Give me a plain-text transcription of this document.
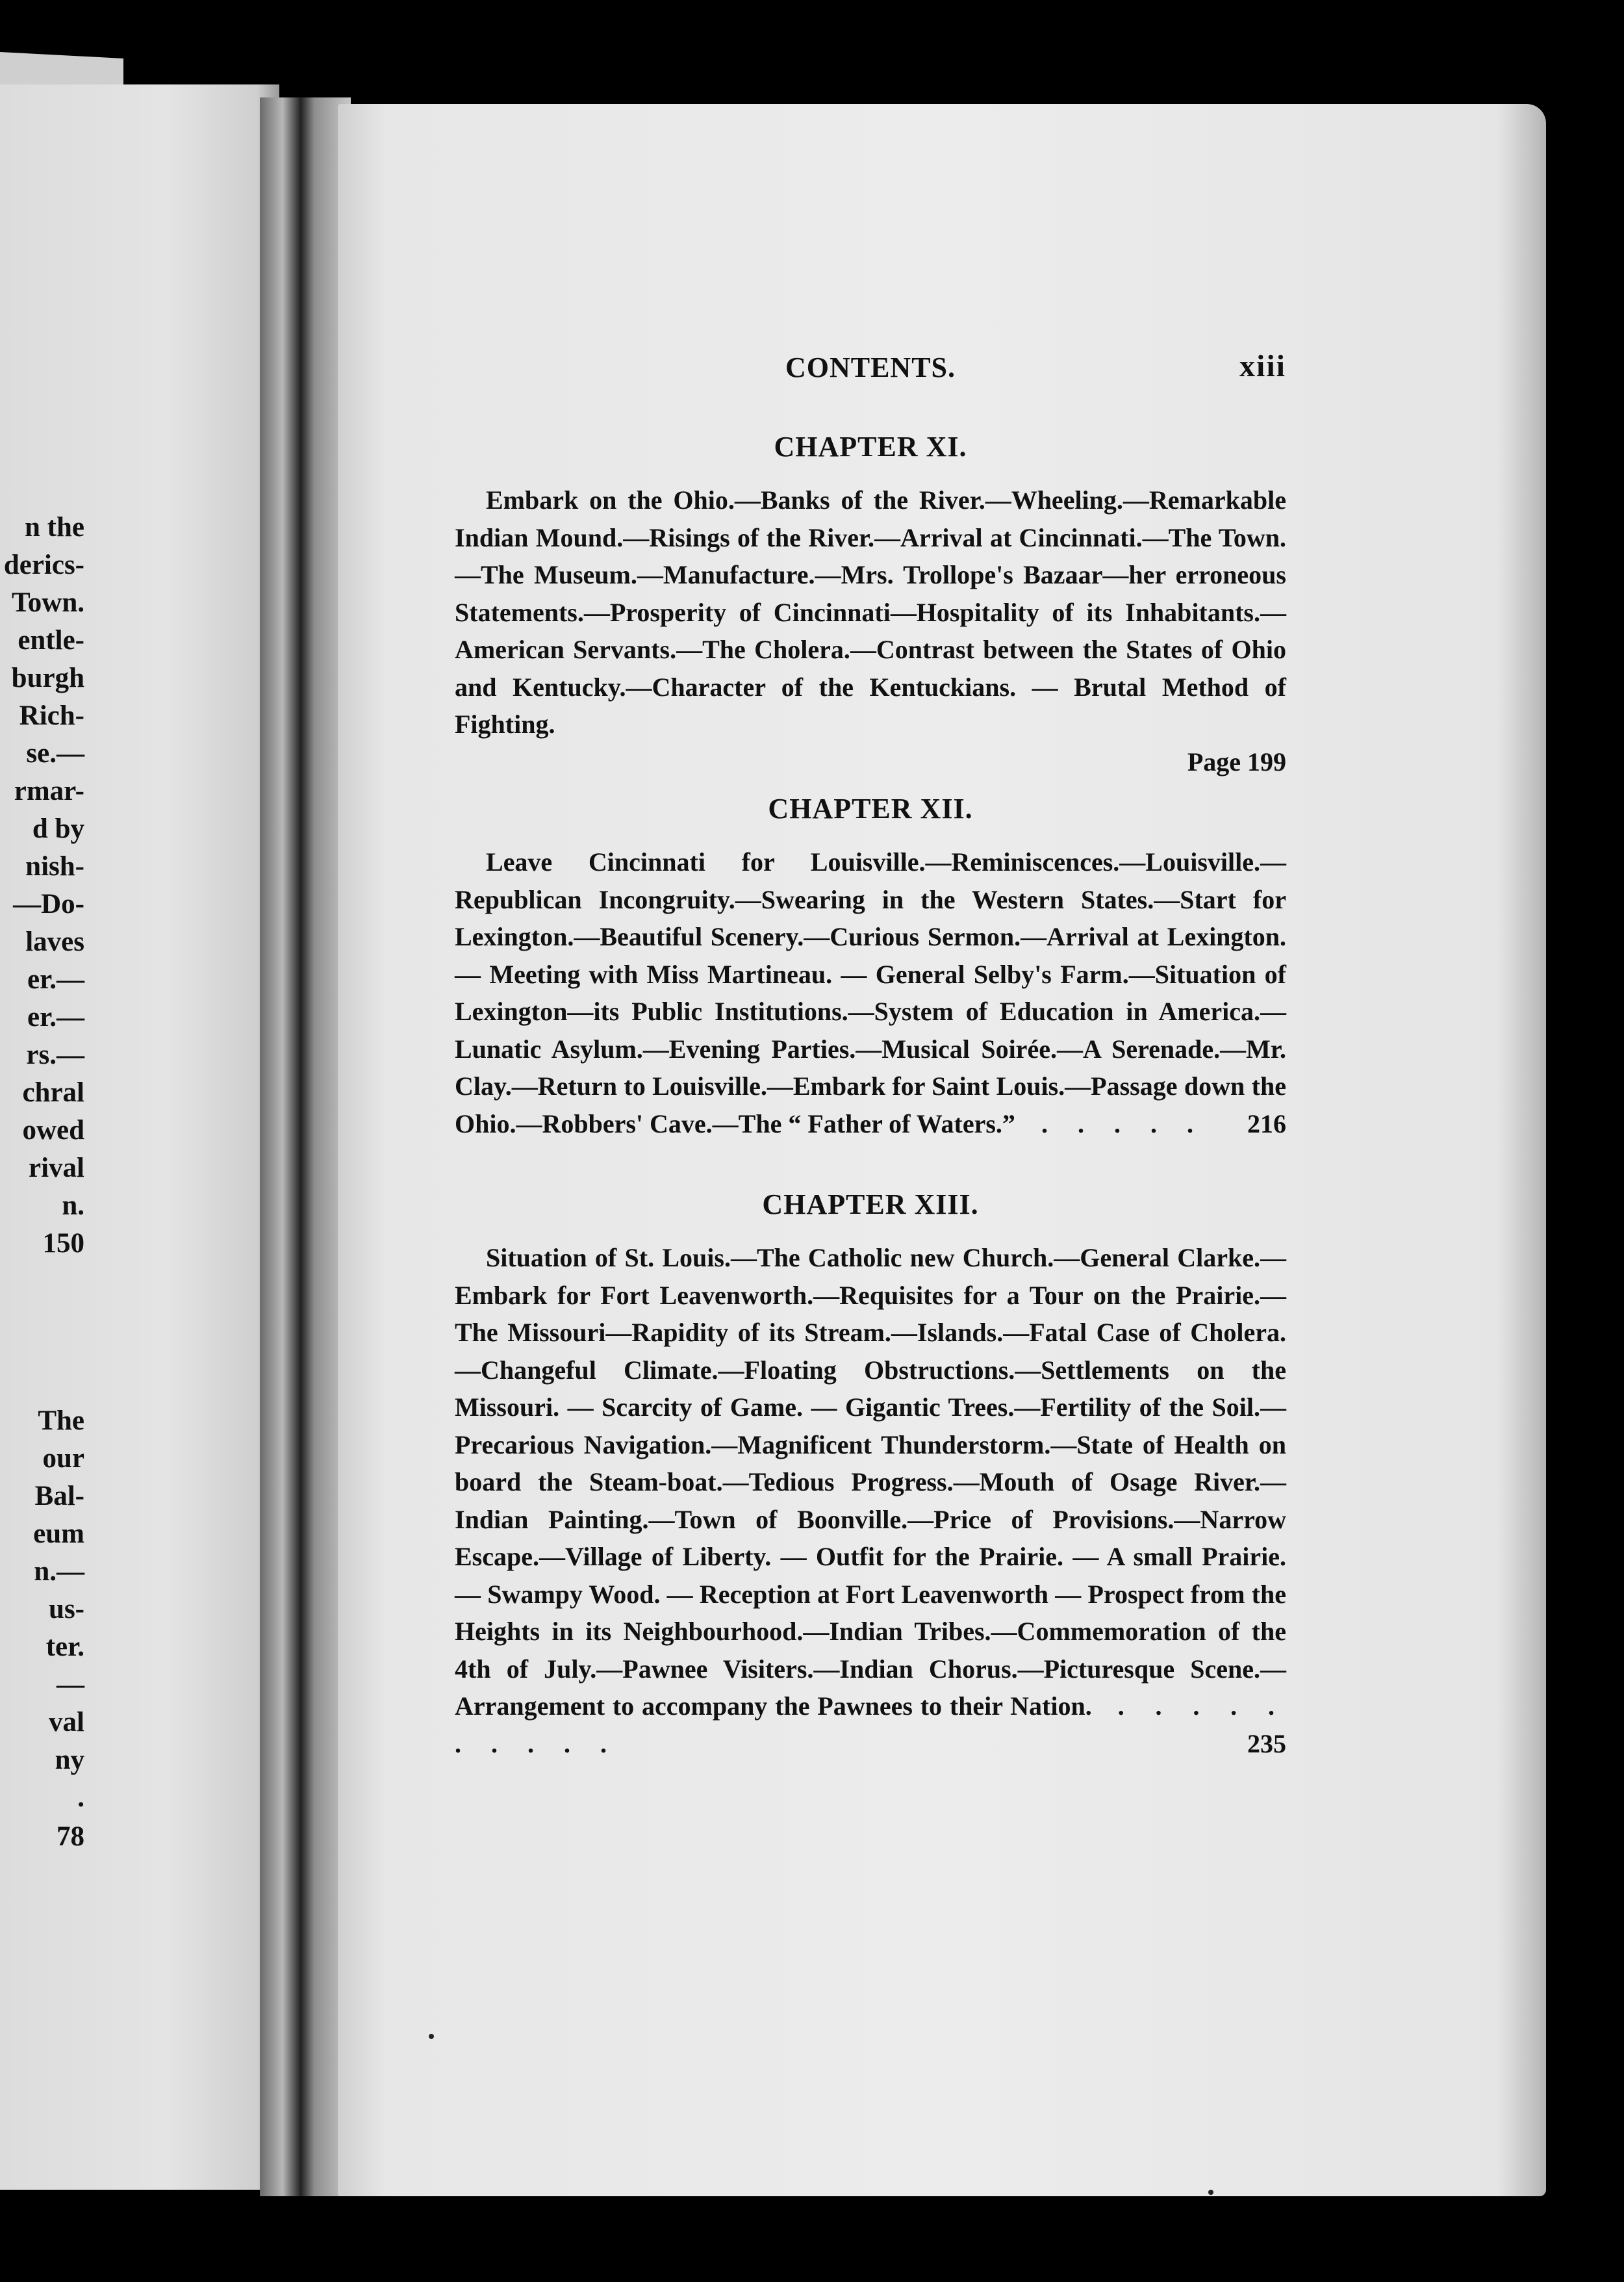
n the
derics-
Town.
entle-
burgh
Rich-
se.—
rmar-
d by
nish-
—Do-
laves
er.—
er.—
rs.—
chral
owed
rival
n.
150
The
our
Bal-
eum
n.—
us-
ter.
—
val
ny
.
78
CONTENTS.	xiii
CHAPTER XI.
Embark on the Ohio.—Banks of the River.—Wheeling.—Remarkable Indian Mound.—Risings of the River.—Arrival at Cincinnati.—The Town.—The Museum.—Manufacture.—Mrs. Trollope's Bazaar—her erroneous Statements.—Prosperity of Cincinnati—Hospitality of its Inhabitants.—American Servants.—The Cholera.—Contrast between the States of Ohio and Kentucky.—Character of the Kentuckians. — Brutal Method of Fighting.
Page 199
CHAPTER XII.
Leave Cincinnati for Louisville.—Reminiscences.—Louisville.—Republican Incongruity.—Swearing in the Western States.—Start for Lexington.—Beautiful Scenery.—Curious Sermon.—Arrival at Lexington. — Meeting with Miss Martineau. — General Selby's Farm.—Situation of Lexington—its Public Institutions.—System of Education in America.—Lunatic Asylum.—Evening Parties.—Musical Soirée.—A Serenade.—Mr. Clay.—Return to Louisville.—Embark for Saint Louis.—Passage down the Ohio.—Robbers' Cave.—The “ Father of Waters.” . . . . .	216
CHAPTER XIII.
Situation of St. Louis.—The Catholic new Church.—General Clarke.—Embark for Fort Leavenworth.—Requisites for a Tour on the Prairie.—The Missouri—Rapidity of its Stream.—Islands.—Fatal Case of Cholera.—Changeful Climate.—Floating Obstructions.—Settlements on the Missouri. — Scarcity of Game. — Gigantic Trees.—Fertility of the Soil.—Precarious Navigation.—Magnificent Thunderstorm.—State of Health on board the Steam-boat.—Tedious Progress.—Mouth of Osage River.—Indian Painting.—Town of Boonville.—Price of Provisions.—Narrow Escape.—Village of Liberty. — Outfit for the Prairie. — A small Prairie. — Swampy Wood. — Reception at Fort Leavenworth — Prospect from the Heights in its Neighbourhood.—Indian Tribes.—Commemoration of the 4th of July.—Pawnee Visiters.—Indian Chorus.—Picturesque Scene.—Arrangement to accompany the Pawnees to their Nation. . . . . . . . . . .	235
